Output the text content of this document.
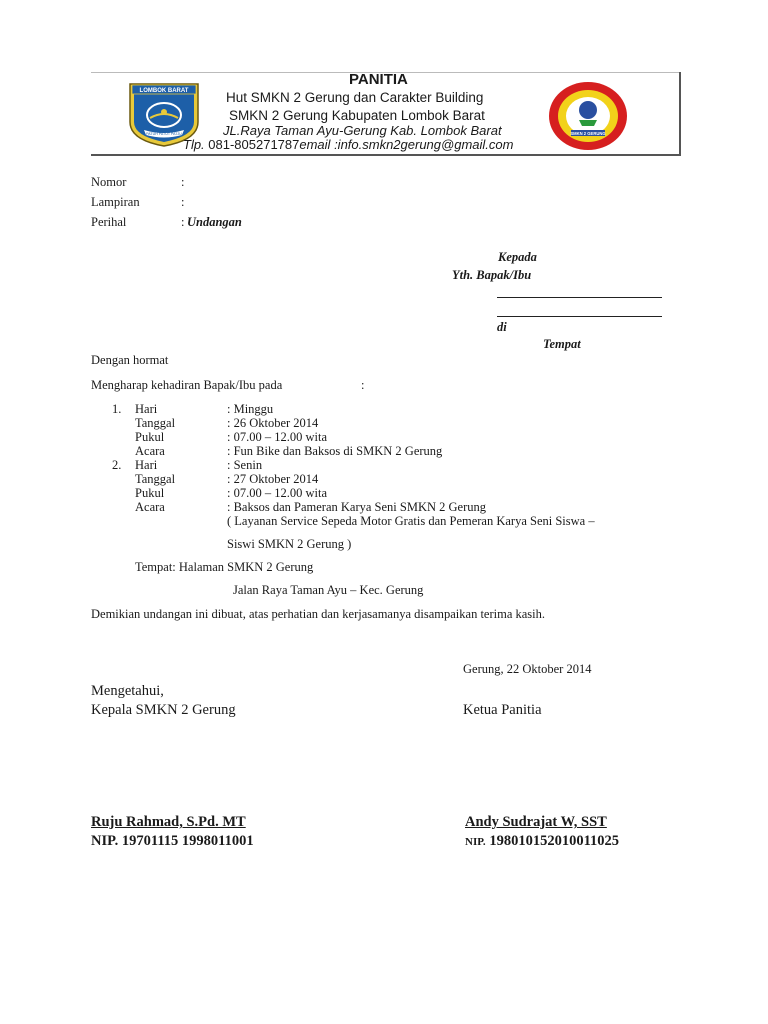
LOMBOK BARAT
PATUH PATUT PATJU	SMKN 2 GERUNG
PANITIA
Hut SMKN 2 Gerung dan Carakter Building
SMKN 2 Gerung Kabupaten Lombok Barat
JL.Raya Taman Ayu-Gerung Kab. Lombok Barat
Tlp. 081-805271787email :info.smkn2gerung@gmail.com
Nomor	:
Lampiran	:
Perihal	: Undangan
Kepada
Yth. Bapak/Ibu
di
Tempat
Dengan hormat
Mengharap kehadiran Bapak/Ibu pada	:
1. Hari	: Minggu
Tanggal	: 26 Oktober 2014
Pukul	: 07.00 – 12.00 wita
Acara	: Fun Bike dan Baksos di SMKN 2 Gerung
2. Hari	: Senin
Tanggal	: 27 Oktober 2014
Pukul	: 07.00 – 12.00 wita
Acara	: Baksos dan Pameran Karya Seni SMKN 2 Gerung
( Layanan Service Sepeda Motor Gratis dan Pemeran Karya Seni Siswa –
Siswi SMKN 2 Gerung )
Tempat: Halaman SMKN 2 Gerung
Jalan Raya Taman Ayu – Kec. Gerung
Demikian undangan ini dibuat, atas perhatian dan kerjasamanya disampaikan terima kasih.
Gerung, 22 Oktober 2014
Mengetahui,
Kepala SMKN 2 Gerung	Ketua Panitia
Ruju Rahmad, S.Pd. MT
NIP. 19701115 1998011001
Andy Sudrajat W, SST
NIP. 198010152010011025
